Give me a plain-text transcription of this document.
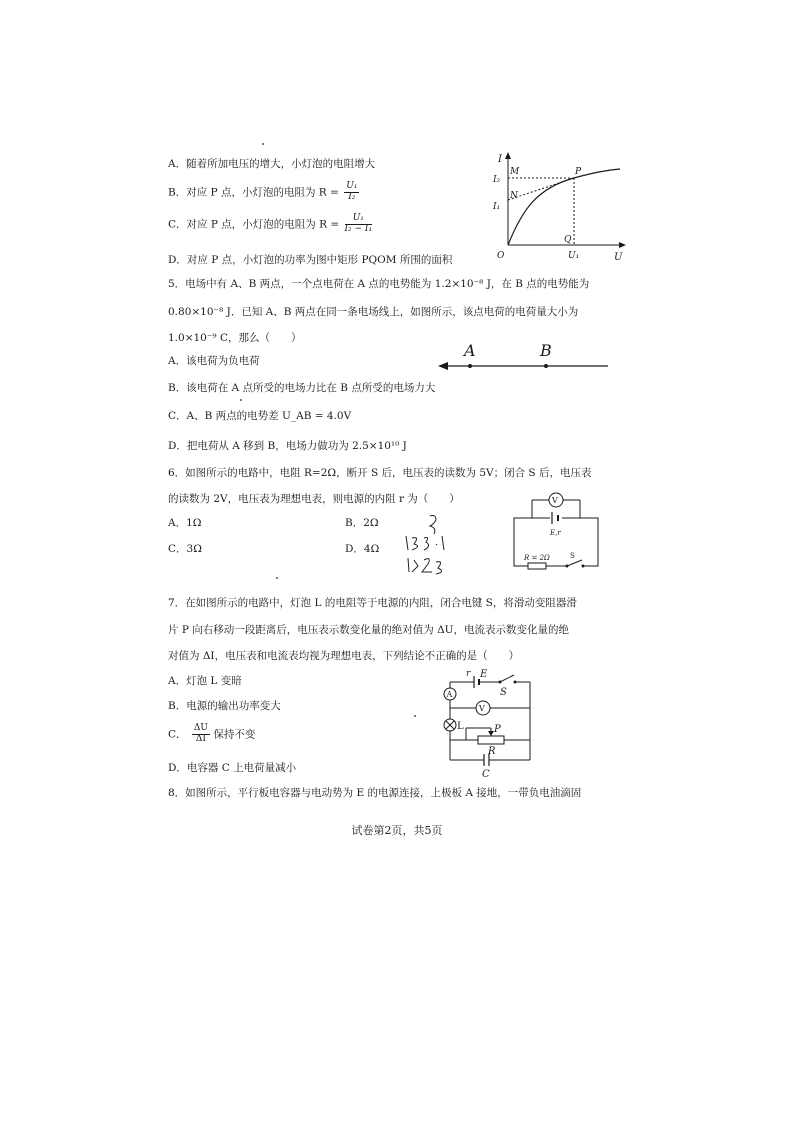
A．随着所加电压的增大，小灯泡的电阻增大
B．对应 P 点，小灯泡的电阻为 $R = \frac{\text{U₁}}{\text{I₂}}$
C．对应 P 点，小灯泡的电阻为 $R = \frac{\text{U₁}}{\text{I₂ − I₁}}$
D．对应 P 点，小灯泡的功率为图中矩形 PQOM 所围的面积
I
U
O
I₂
I₁
U₁
P
M
N
Q
5．电场中有 A、B 两点，一个点电荷在 A 点的电势能为 1.2×10⁻⁸ J，在 B 点的电势能为
0.80×10⁻⁸ J．已知 A、B 两点在同一条电场线上，如图所示，该点电荷的电荷量大小为
1.0×10⁻⁹ C，那么（　　）
A．该电荷为负电荷
A	B
B．该电荷在 A 点所受的电场力比在 B 点所受的电场力大
C．A、B 两点的电势差 U_AB = 4.0V
D．把电荷从 A 移到 B，电场力做功为 2.5×10¹⁰ J
6．如图所示的电路中，电阻 R=2Ω，断开 S 后，电压表的读数为 5V；闭合 S 后，电压表
的读数为 2V，电压表为理想电表，则电源的内阻 r 为（　　）
A．1Ω	B．2Ω
C．3Ω	D．4Ω
V
E,r
R = 2Ω	S
7．在如图所示的电路中，灯泡 L 的电阻等于电源的内阻，闭合电键 S，将滑动变阻器滑
片 P 向右移动一段距离后，电压表示数变化量的绝对值为 ΔU，电流表示数变化量的绝
对值为 ΔI，电压表和电流表均视为理想电表，下列结论不正确的是（　　）
A．灯泡 L 变暗
B．电源的输出功率变大
C． $\frac{\Delta U}{\Delta I}$ 保持不变
D．电容器 C 上电荷量减小
r E
S
A
V
L	P
R
C
8．如图所示，平行板电容器与电动势为 E 的电源连接，上极板 A 接地，一带负电油滴固
试卷第2页，共5页
